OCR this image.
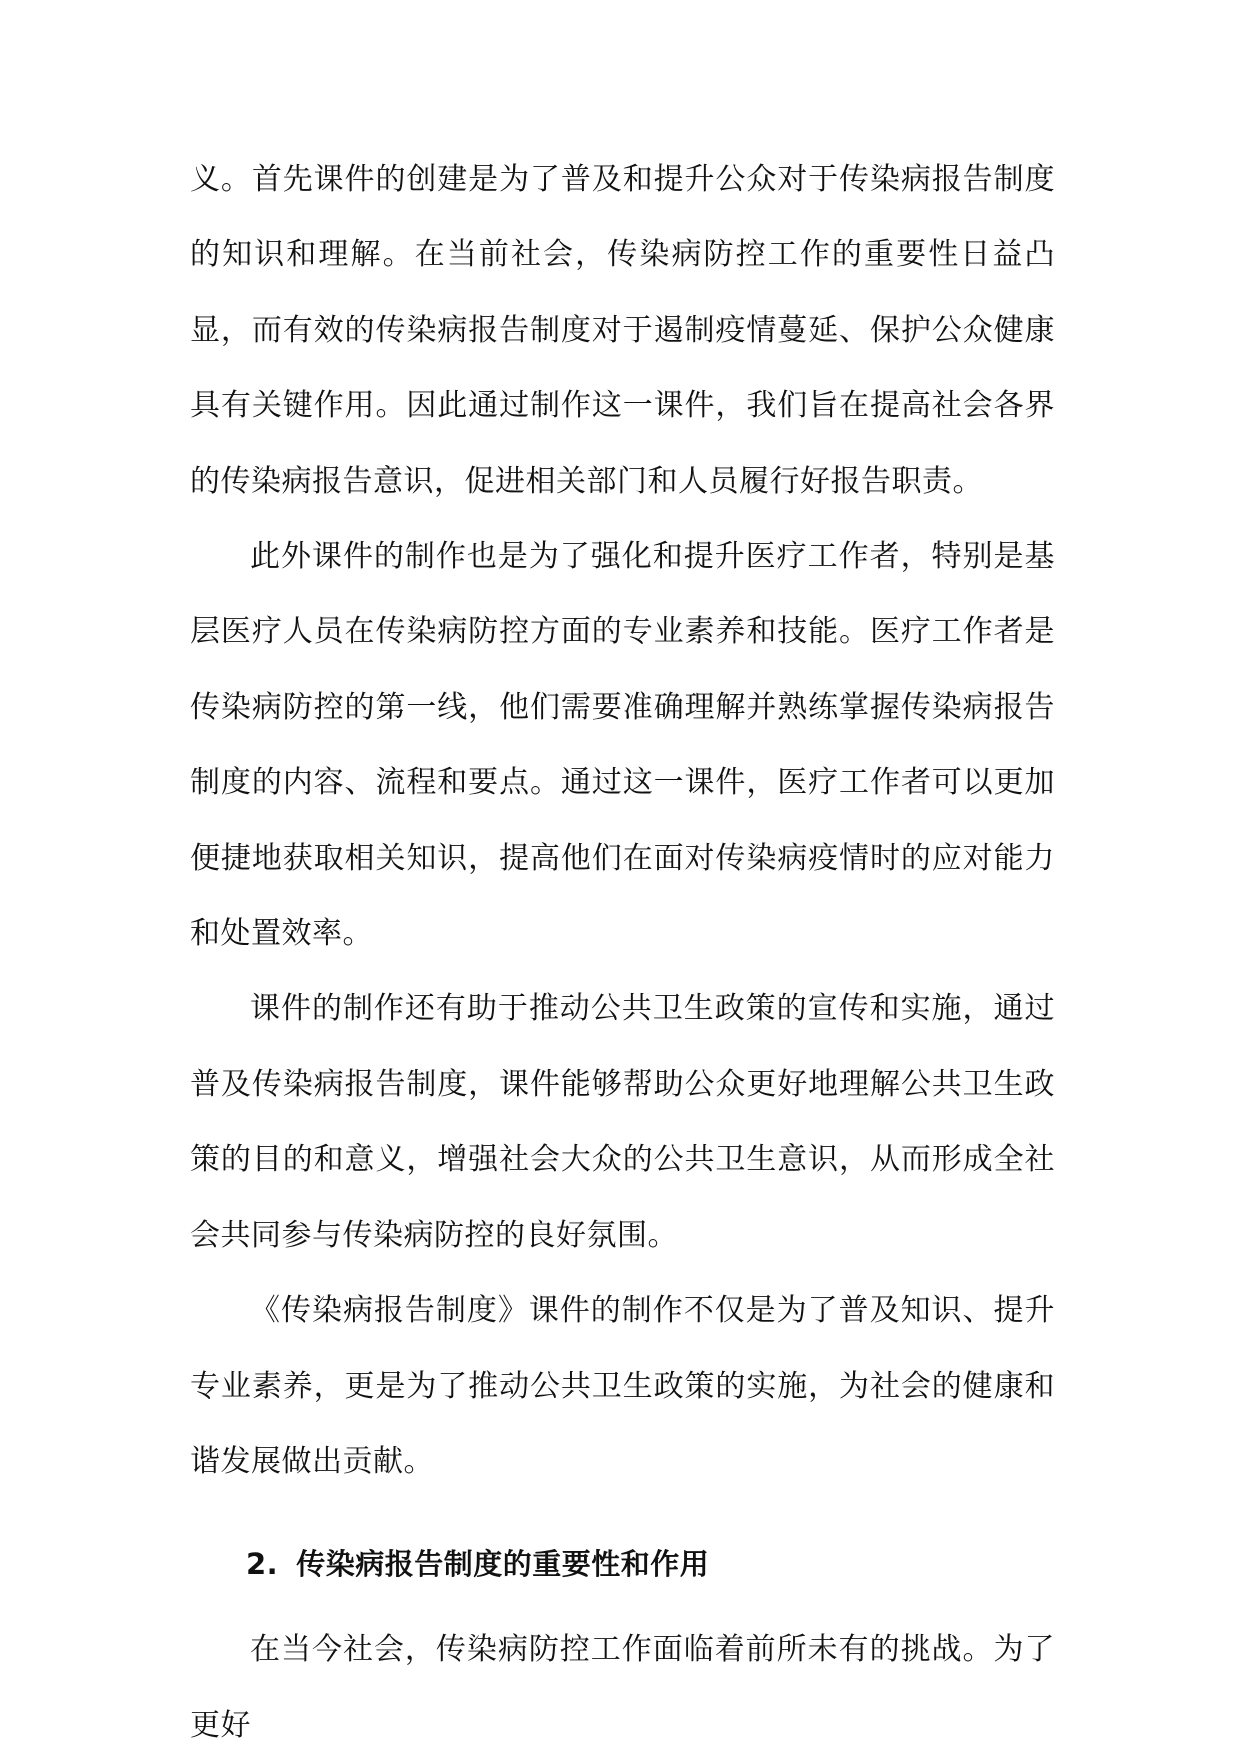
义。首先课件的创建是为了普及和提升公众对于传染病报告制度的知识和理解。在当前社会，传染病防控工作的重要性日益凸显，而有效的传染病报告制度对于遏制疫情蔓延、保护公众健康具有关键作用。因此通过制作这一课件，我们旨在提高社会各界的传染病报告意识，促进相关部门和人员履行好报告职责。

此外课件的制作也是为了强化和提升医疗工作者，特别是基层医疗人员在传染病防控方面的专业素养和技能。医疗工作者是传染病防控的第一线，他们需要准确理解并熟练掌握传染病报告制度的内容、流程和要点。通过这一课件，医疗工作者可以更加便捷地获取相关知识，提高他们在面对传染病疫情时的应对能力和处置效率。

课件的制作还有助于推动公共卫生政策的宣传和实施，通过普及传染病报告制度，课件能够帮助公众更好地理解公共卫生政策的目的和意义，增强社会大众的公共卫生意识，从而形成全社会共同参与传染病防控的良好氛围。

《传染病报告制度》课件的制作不仅是为了普及知识、提升专业素养，更是为了推动公共卫生政策的实施，为社会的健康和谐发展做出贡献。

2. 传染病报告制度的重要性和作用

在当今社会，传染病防控工作面临着前所未有的挑战。为了更好
